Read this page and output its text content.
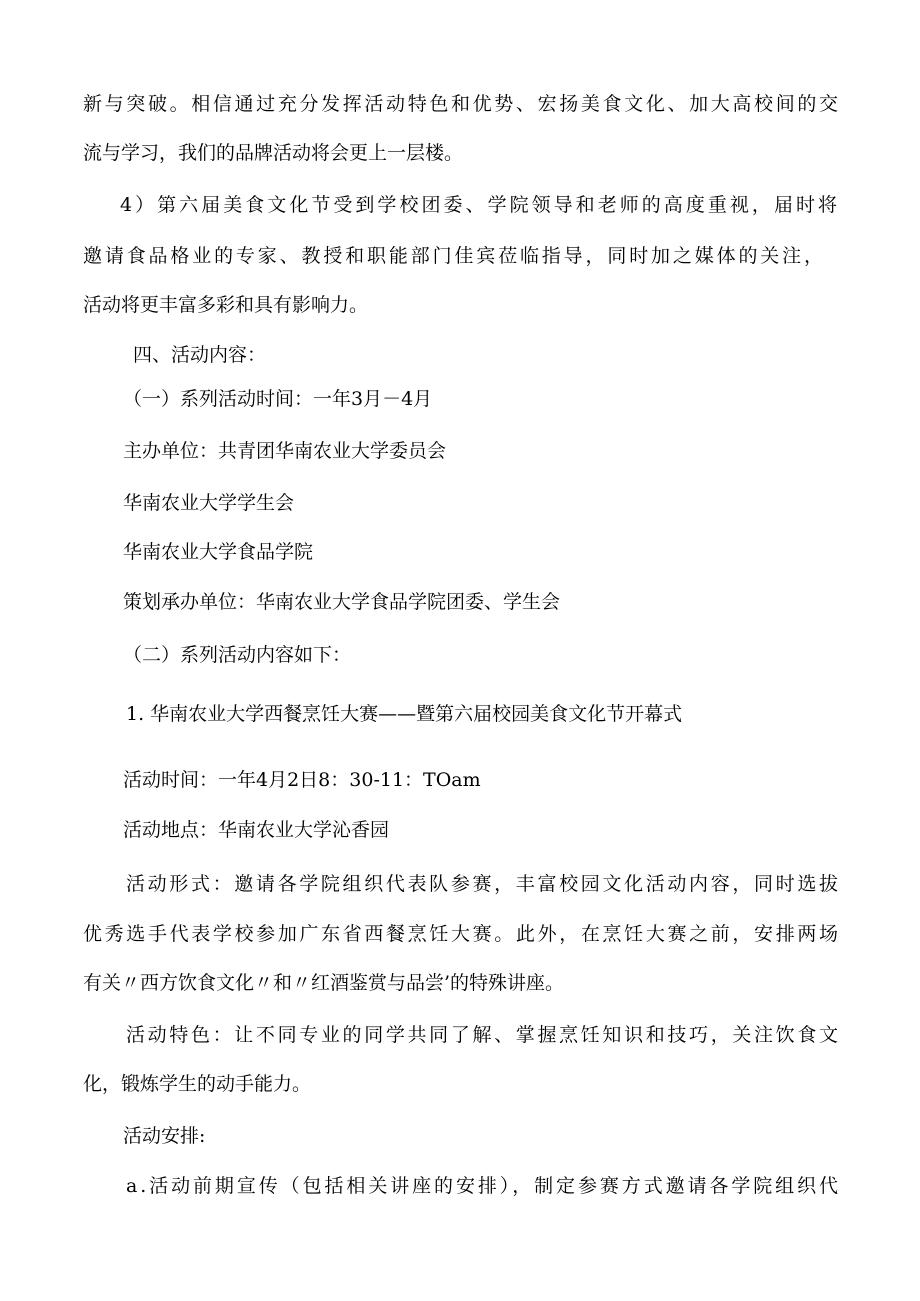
新与突破。相信通过充分发挥活动特色和优势、宏扬美食文化、加大高校间的交

流与学习，我们的品牌活动将会更上一层楼。

4）第六届美食文化节受到学校团委、学院领导和老师的高度重视，届时将

邀请食品格业的专家、教授和职能部门佳宾莅临指导，同时加之媒体的关注，

活动将更丰富多彩和具有影响力。

四、活动内容：

（一）系列活动时间：一年3月－4月

主办单位：共青团华南农业大学委员会

华南农业大学学生会

华南农业大学食品学院

策划承办单位：华南农业大学食品学院团委、学生会

（二）系列活动内容如下：

1. 华南农业大学西餐烹饪大赛——暨第六届校园美食文化节开幕式

活动时间：一年4月2日8：30-11：TOam

活动地点：华南农业大学沁香园

活动形式：邀请各学院组织代表队参赛，丰富校园文化活动内容，同时选拔

优秀选手代表学校参加广东省西餐烹饪大赛。此外，在烹饪大赛之前，安排两场

有关〃西方饮食文化〃和〃红酒鉴赏与品尝’的特殊讲座。

活动特色：让不同专业的同学共同了解、掌握烹饪知识和技巧，关注饮食文

化，锻炼学生的动手能力。

活动安排:

a.活动前期宣传（包括相关讲座的安排），制定参赛方式邀请各学院组织代
